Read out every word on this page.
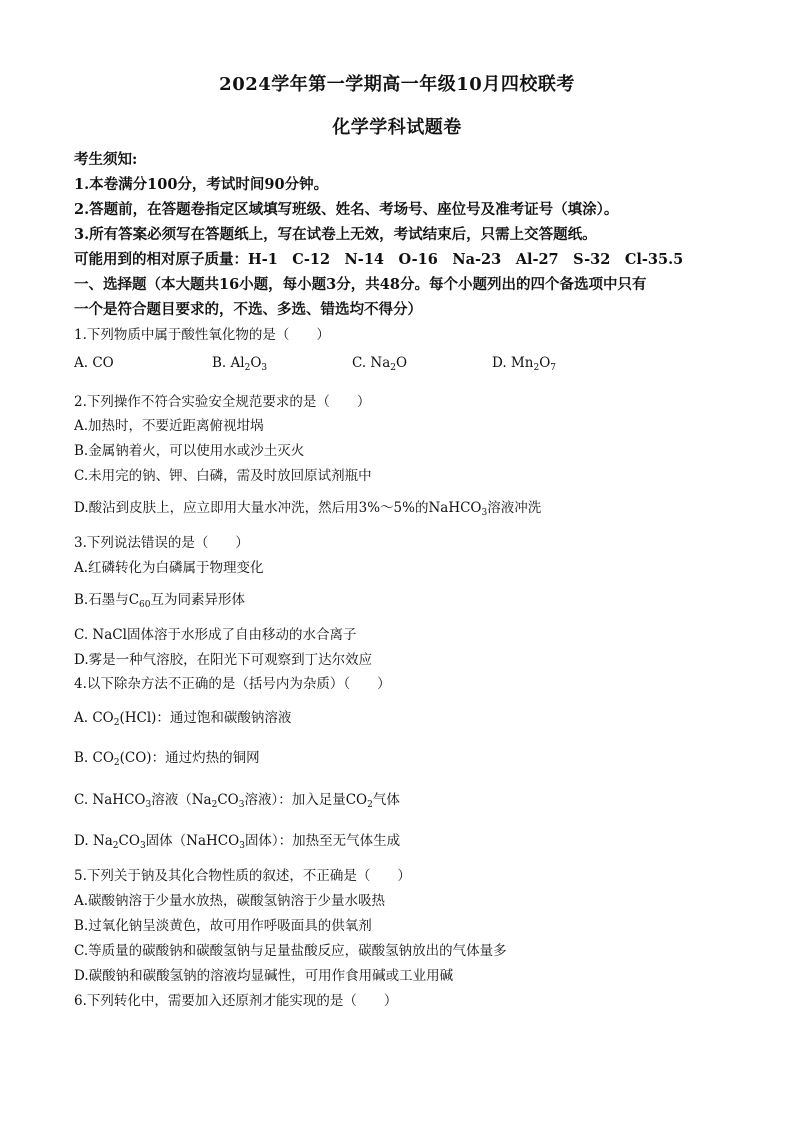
2024学年第一学期高一年级10月四校联考
化学学科试题卷
考生须知:
1.本卷满分100分，考试时间90分钟。
2.答题前，在答题卷指定区域填写班级、姓名、考场号、座位号及准考证号（填涂）。
3.所有答案必须写在答题纸上，写在试卷上无效，考试结束后，只需上交答题纸。
可能用到的相对原子质量：H-1　C-12　N-14　O-16　Na-23　Al-27　S-32　Cl-35.5
一、选择题（本大题共16小题，每小题3分，共48分。每个小题列出的四个备选项中只有
一个是符合题目要求的，不选、多选、错选均不得分）
1.下列物质中属于酸性氧化物的是（　　）
A. CO	B. $Al_2O_3$	C. $Na_2O$	D. $Mn_2O_7$
2.下列操作不符合实验安全规范要求的是（　　）
A.加热时，不要近距离俯视坩埚
B.金属钠着火，可以使用水或沙土灭火
C.未用完的钠、钾、白磷，需及时放回原试剂瓶中
D.酸沾到皮肤上，应立即用大量水冲洗，然后用3%～5%的NaHCO$_3$溶液冲洗
3.下列说法错误的是（　　）
A.红磷转化为白磷属于物理变化
B.石墨与$C_{60}$互为同素异形体
C. NaCl固体溶于水形成了自由移动的水合离子
D.雾是一种气溶胶，在阳光下可观察到丁达尔效应
4.以下除杂方法不正确的是（括号内为杂质）（　　）
A. $CO_2(HCl)$：通过饱和碳酸钠溶液
B. $CO_2(CO)$：通过灼热的铜网
C. NaHCO$_3$溶液（$Na_2CO_3$溶液）：加入足量$CO_2$气体
D. $Na_2CO_3$固体（NaHCO$_3$固体）：加热至无气体生成
5.下列关于钠及其化合物性质的叙述，不正确是（　　）
A.碳酸钠溶于少量水放热，碳酸氢钠溶于少量水吸热
B.过氧化钠呈淡黄色，故可用作呼吸面具的供氧剂
C.等质量的碳酸钠和碳酸氢钠与足量盐酸反应，碳酸氢钠放出的气体量多
D.碳酸钠和碳酸氢钠的溶液均显碱性，可用作食用碱或工业用碱
6.下列转化中，需要加入还原剂才能实现的是（　　）
